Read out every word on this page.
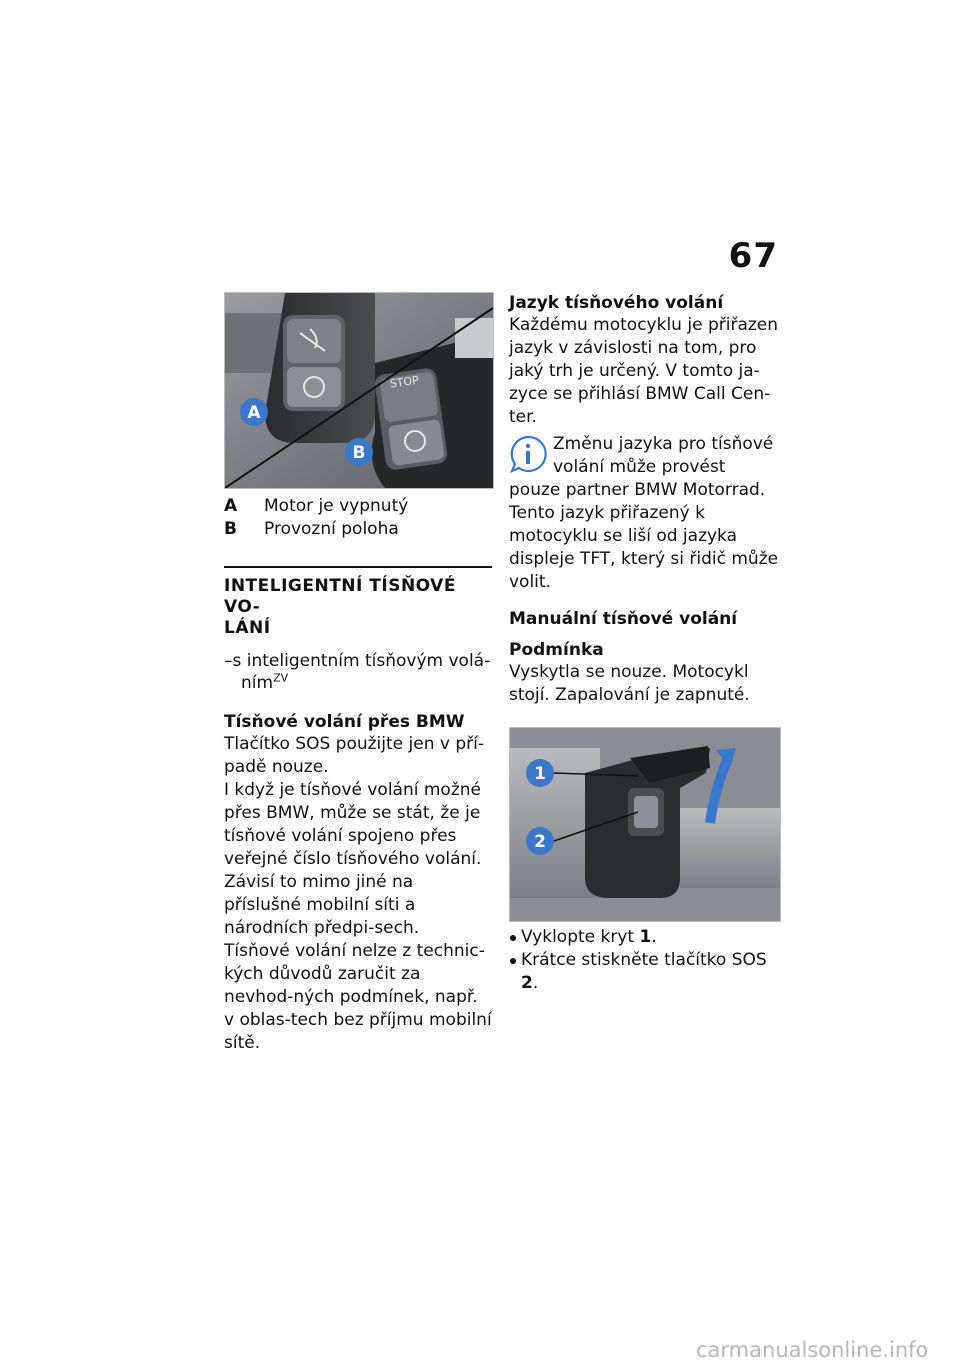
67
STOP
A
B
A	Motor je vypnutý
B	Provozní poloha
INTELIGENTNÍ TÍSŇOVÉ VO-
LÁNÍ

–s inteligentním tísňovým volá-ním$^{ZV}$

Tísňové volání přes BMW

Tlačítko SOS použijte jen v pří-padě nouze.

I když je tísňové volání možné přes BMW, může se stát, že je tísňové volání spojeno přes veřejné číslo tísňového volání. Závisí to mimo jiné na příslušné mobilní síti a národních předpi-sech.

Tísňové volání nelze z technic-kých důvodů zaručit za nevhod-ných podmínek, např. v oblas-tech bez příjmu mobilní sítě.

Jazyk tísňového volání

Každému motocyklu je přiřazen jazyk v závislosti na tom, pro jaký trh je určený. V tomto ja-zyce se přihlásí BMW Call Cen-ter.

Změnu jazyka pro tísňové volání může provést pouze partner BMW Motorrad. Tento jazyk přiřazený k motocyklu se liší od jazyka displeje TFT, který si řidič může volit.
Manuální tísňové volání
Podmínka

Vyskytla se nouze. Motocykl stojí. Zapalování je zapnuté.

1
2
Vyklopte kryt 1.
Krátce stiskněte tlačítko SOS 2.
carmanualsonline.info
